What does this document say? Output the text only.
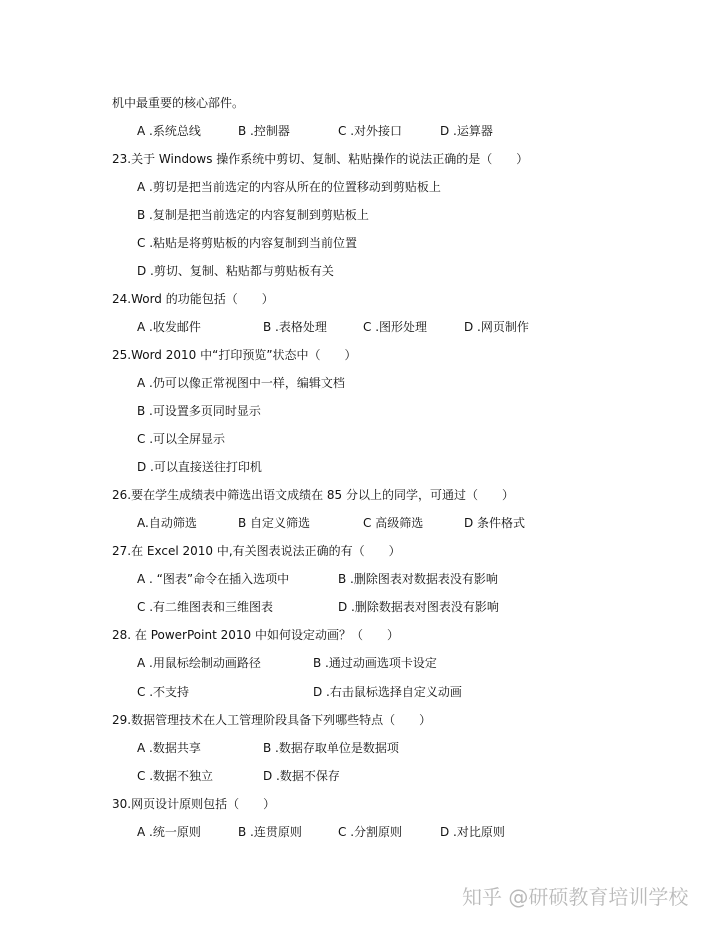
机中最重要的核心部件。
A .系统总线	B .控制器	C .对外接口	D .运算器
23.关于 Windows 操作系统中剪切、复制、粘贴操作的说法正确的是（　　）
A .剪切是把当前选定的内容从所在的位置移动到剪贴板上
B .复制是把当前选定的内容复制到剪贴板上
C .粘贴是将剪贴板的内容复制到当前位置
D .剪切、复制、粘贴都与剪贴板有关
24.Word 的功能包括（　　）
A .收发邮件	B .表格处理	C .图形处理	D .网页制作
25.Word 2010 中“打印预览”状态中（　　）
A .仍可以像正常视图中一样，编辑文档
B .可设置多页同时显示
C .可以全屏显示
D .可以直接送往打印机
26.要在学生成绩表中筛选出语文成绩在 85 分以上的同学，可通过（　　）
A.自动筛选	B 自定义筛选	C 高级筛选	D 条件格式
27.在 Excel 2010 中,有关图表说法正确的有（　　）
A . “图表”命令在插入选项中	B .删除图表对数据表没有影响
C .有二维图表和三维图表	D .删除数据表对图表没有影响
28. 在 PowerPoint 2010 中如何设定动画？（　　）
A .用鼠标绘制动画路径	B .通过动画选项卡设定
C .不支持	D .右击鼠标选择自定义动画
29.数据管理技术在人工管理阶段具备下列哪些特点（　　）
A .数据共享	B .数据存取单位是数据项
C .数据不独立	D .数据不保存
30.网页设计原则包括（　　）
A .统一原则	B .连贯原则	C .分割原则	D .对比原则
知乎 @研硕教育培训学校
